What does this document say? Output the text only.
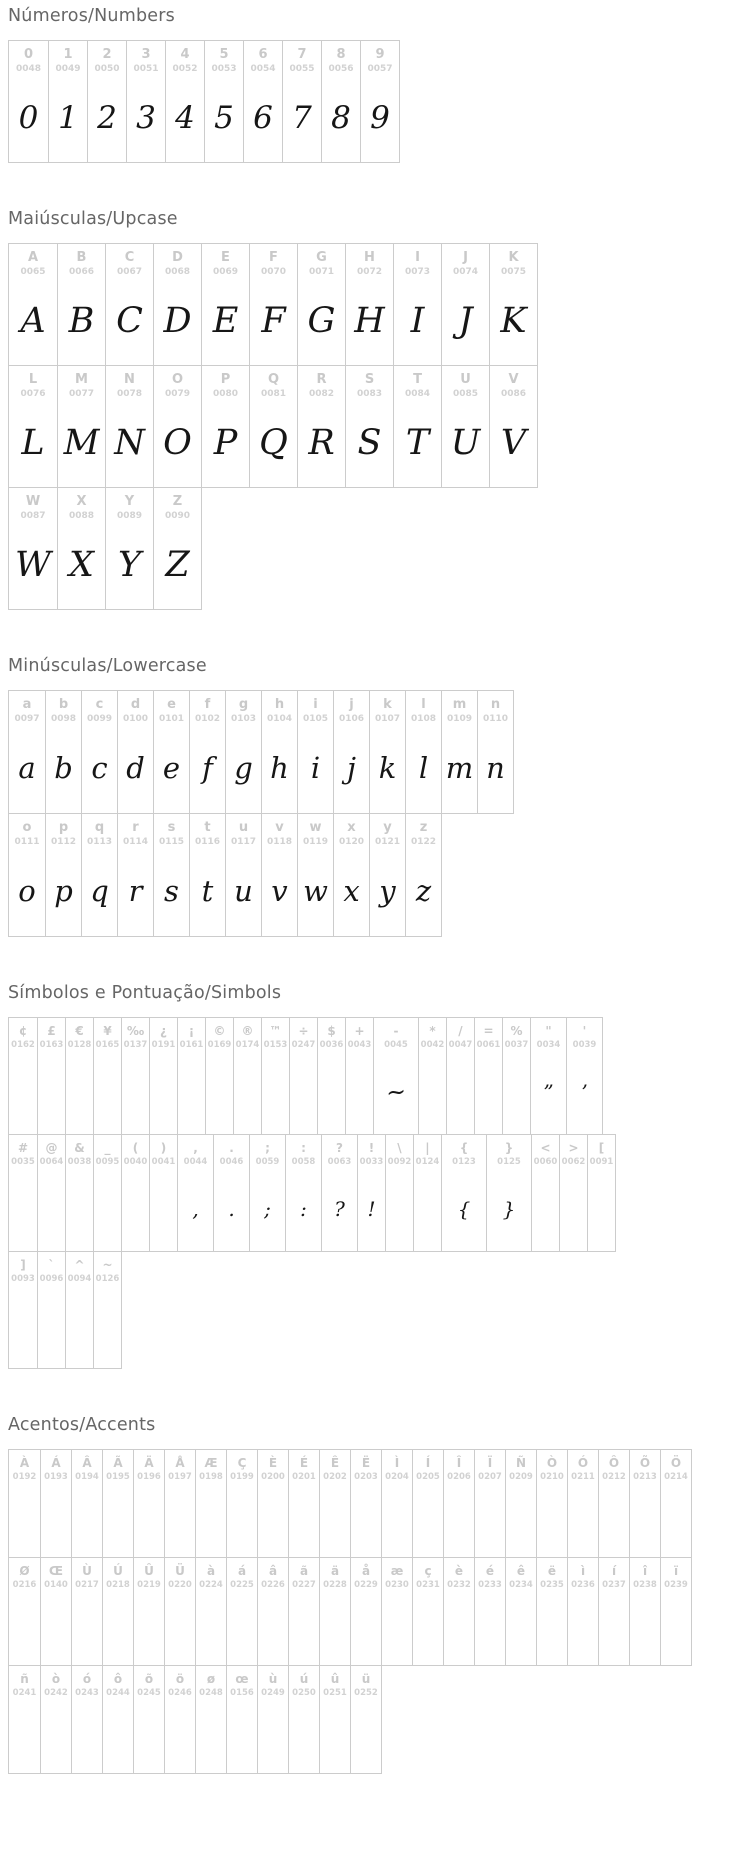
Números/Numbers
0
0048
0
1
0049
1
2
0050
2
3
0051
3
4
0052
4
5
0053
5
6
0054
6
7
0055
7
8
0056
8
9
0057
9
Maiúsculas/Upcase
A
0065
A
B
0066
B
C
0067
C
D
0068
D
E
0069
E
F
0070
F
G
0071
G
H
0072
H
I
0073
I
J
0074
J
K
0075
K
L
0076
L
M
0077
M
N
0078
N
O
0079
O
P
0080
P
Q
0081
Q
R
0082
R
S
0083
S
T
0084
T
U
0085
U
V
0086
V
W
0087
W
X
0088
X
Y
0089
Y
Z
0090
Z
Minúsculas/Lowercase
a
0097
a
b
0098
b
c
0099
c
d
0100
d
e
0101
e
f
0102
f
g
0103
g
h
0104
h
i
0105
i
j
0106
j
k
0107
k
l
0108
l
m
0109
m
n
0110
n
o
0111
o
p
0112
p
q
0113
q
r
0114
r
s
0115
s
t
0116
t
u
0117
u
v
0118
v
w
0119
w
x
0120
x
y
0121
y
z
0122
z
Símbolos e Pontuação/Simbols
¢
0162
£
0163
€
0128
¥
0165
‰
0137
¿
0191
¡
0161
©
0169
®
0174
™
0153
÷
0247
$
0036
+
0043
-
0045
~
*
0042
/
0047
=
0061
%
0037
"
0034
”
'
0039
’
#
0035
@
0064
&
0038
_
0095
(
0040
)
0041
,
0044
,
.
0046
.
;
0059
;
:
0058
:
?
0063
?
!
0033
!
\
0092
|
0124
{
0123
{
}
0125
}
<
0060
>
0062
[
0091
]
0093
`
0096
^
0094
~
0126
Acentos/Accents
À
0192
Á
0193
Â
0194
Ã
0195
Ä
0196
Å
0197
Æ
0198
Ç
0199
È
0200
É
0201
Ê
0202
Ë
0203
Ì
0204
Í
0205
Î
0206
Ï
0207
Ñ
0209
Ò
0210
Ó
0211
Ô
0212
Õ
0213
Ö
0214
Ø
0216
Œ
0140
Ù
0217
Ú
0218
Û
0219
Ü
0220
à
0224
á
0225
â
0226
ã
0227
ä
0228
å
0229
æ
0230
ç
0231
è
0232
é
0233
ê
0234
ë
0235
ì
0236
í
0237
î
0238
ï
0239
ñ
0241
ò
0242
ó
0243
ô
0244
õ
0245
ö
0246
ø
0248
œ
0156
ù
0249
ú
0250
û
0251
ü
0252
